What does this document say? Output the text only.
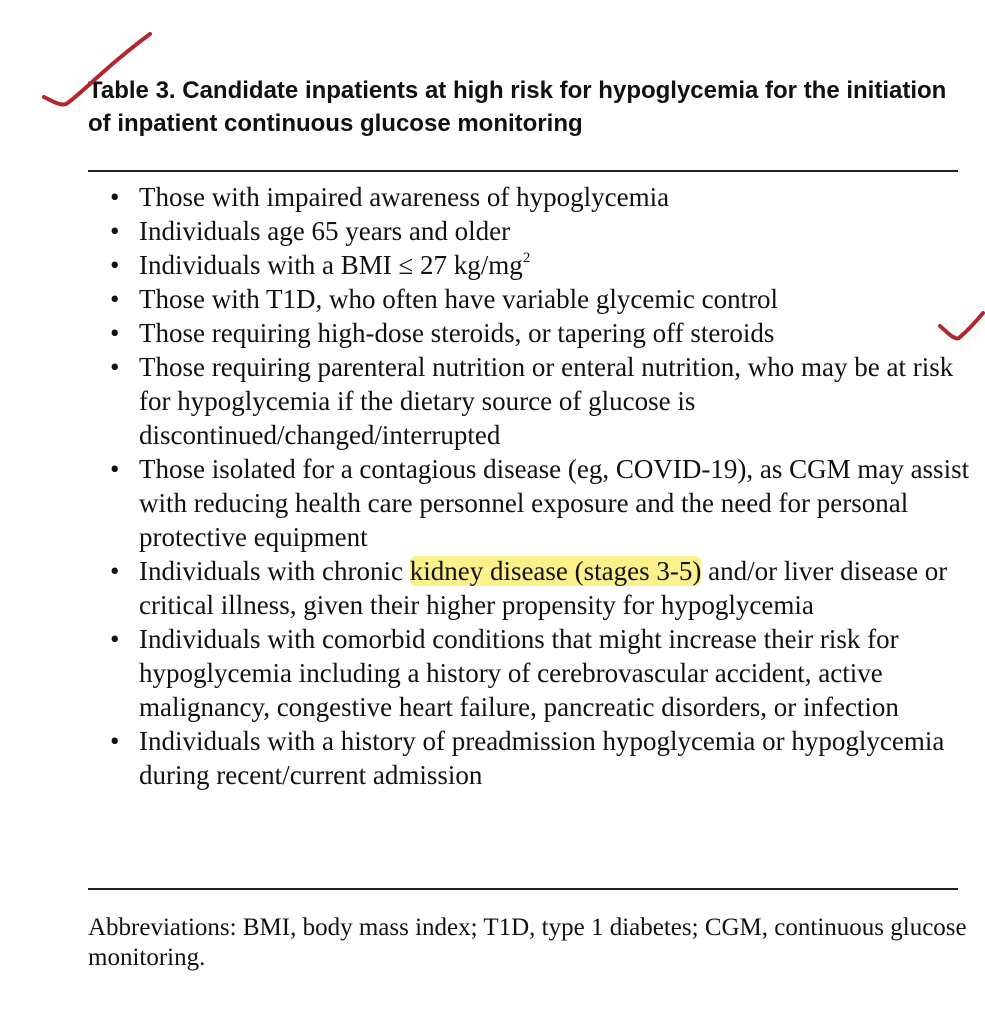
Table 3. Candidate inpatients at high risk for hypoglycemia for the initiation of inpatient continuous glucose monitoring
• Those with impaired awareness of hypoglycemia
• Individuals age 65 years and older
• Individuals with a BMI ≤ 27 $kg/mg^2$
• Those with T1D, who often have variable glycemic control
• Those requiring high-dose steroids, or tapering off steroids
• Those requiring parenteral nutrition or enteral nutrition, who may be at risk for hypoglycemia if the dietary source of glucose is discontinued/changed/interrupted
• Those isolated for a contagious disease (eg, COVID-19), as CGM may assist with reducing health care personnel exposure and the need for personal protective equipment
• Individuals with chronic kidney disease (stages 3-5) and/or liver disease or critical illness, given their higher propensity for hypoglycemia
• Individuals with comorbid conditions that might increase their risk for hypoglycemia including a history of cerebrovascular accident, active malignancy, congestive heart failure, pancreatic disorders, or infection
• Individuals with a history of preadmission hypoglycemia or hypoglycemia during recent/current admission

Abbreviations: BMI, body mass index; T1D, type 1 diabetes; CGM, continuous glucose monitoring.
